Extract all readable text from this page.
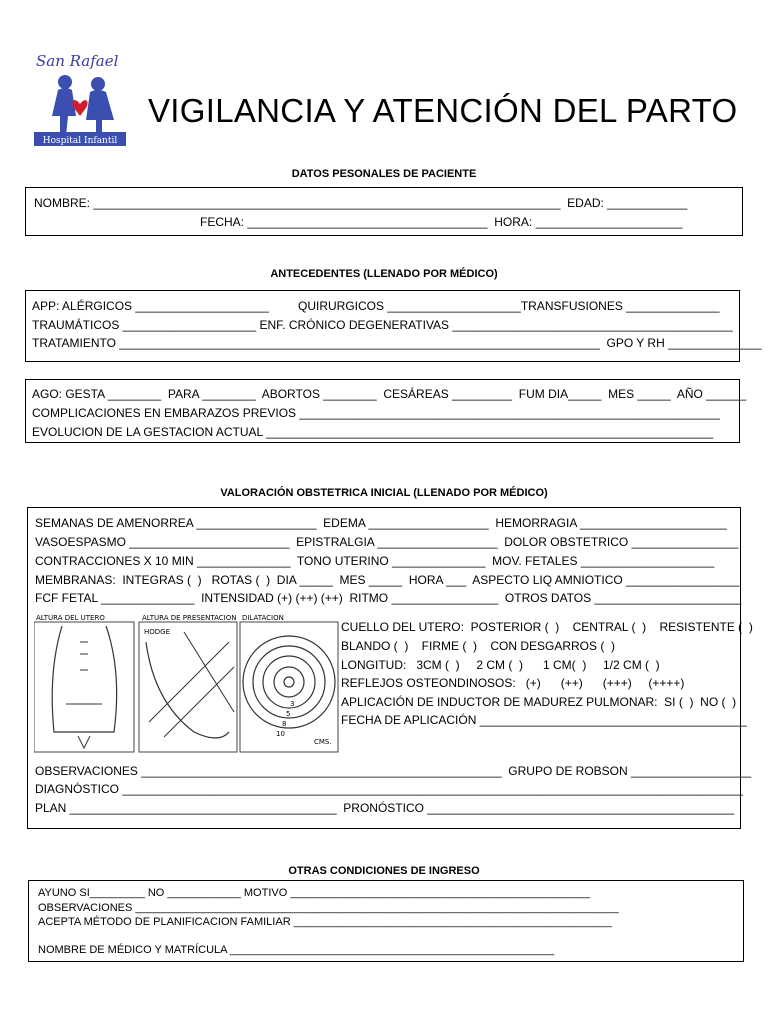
San Rafael
Hospital Infantil
VIGILANCIA Y ATENCIÓN DEL PARTO
DATOS PESONALES DE PACIENTE
NOMBRE: ______________________________________________________________________  EDAD: ____________
FECHA: ____________________________________  HORA: ______________________
ANTECEDENTES (LLENADO POR MÉDICO)
APP: ALÉRGICOS ____________________ QUIRURGICOS ____________________TRANSFUSIONES ______________
TRAUMÁTICOS ____________________ ENF. CRÓNICO DEGENERATIVAS __________________________________________
TRATAMIENTO ________________________________________________________________________  GPO Y RH ______________
AGO: GESTA ________  PARA ________  ABORTOS ________  CESÁREAS _________  FUM DIA_____  MES _____  AÑO ______
COMPLICACIONES EN EMBARAZOS PREVIOS _______________________________________________________________
EVOLUCION DE LA GESTACION ACTUAL ___________________________________________________________________
VALORACIÓN OBSTETRICA INICIAL (LLENADO POR MÉDICO)
SEMANAS DE AMENORREA __________________  EDEMA __________________  HEMORRAGIA ______________________
VASOESPASMO ________________________  EPISTRALGIA __________________  DOLOR OBSTETRICO ________________
CONTRACCIONES X 10 MIN ______________  TONO UTERINO ______________  MOV. FETALES ____________________
MEMBRANAS:  INTEGRAS (  )   ROTAS (  )  DIA _____  MES _____  HORA ___  ASPECTO LIQ AMNIOTICO _________________
FCF FETAL ______________  INTENSIDAD (+) (++) (++)  RITMO ________________  OTROS DATOS ______________________
ALTURA DEL UTERO	ALTURA DE PRESENTACION
HODGE
DILATACION
3
5
8
10
CMS.
CUELLO DEL UTERO:  POSTERIOR (  )    CENTRAL (  )    RESISTENTE (  )
BLANDO (  )    FIRME (  )    CON DESGARROS (  )
LONGITUD:   3CM (  )     2 CM (  )      1 CM(  )     1/2 CM (  )
REFLEJOS OSTEONDINOSOS:   (+)      (++)      (+++)     (++++)
APLICACIÓN DE INDUCTOR DE MADUREZ PULMONAR:  SI (  )  NO (  )
FECHA DE APLICACIÓN ________________________________________
OBSERVACIONES ______________________________________________________  GRUPO DE ROBSON __________________
DIAGNÓSTICO _____________________________________________________________________________________________
PLAN ________________________________________  PRONÓSTICO ______________________________________________
OTRAS CONDICIONES DE INGRESO
AYUNO SI_________ NO ____________ MOTIVO _________________________________________________
OBSERVACIONES _______________________________________________________________________________
ACEPTA MÉTODO DE PLANIFICACION FAMILIAR ____________________________________________________
NOMBRE DE MÉDICO Y MATRÍCULA _____________________________________________________
